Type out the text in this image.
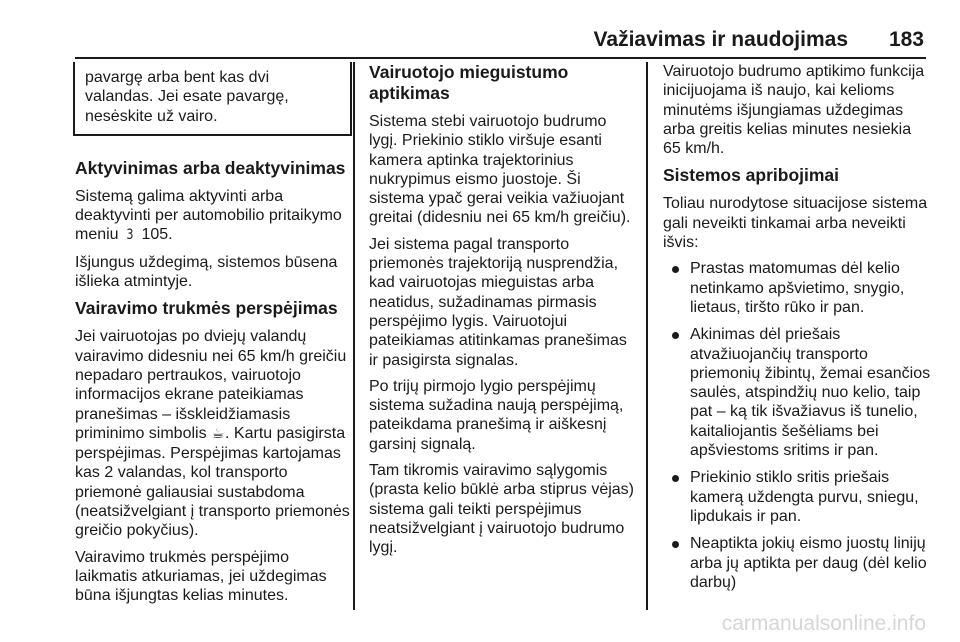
Važiavimas ir naudojimas 183

pavargę arba bent kas dvi valandas. Jei esate pavargę, nesėskite už vairo.

Aktyvinimas arba deaktyvinimas

Sistemą galima aktyvinti arba deaktyvinti per automobilio pritaikymo meniu 3 105.

Išjungus uždegimą, sistemos būsena išlieka atmintyje.

Vairavimo trukmės perspėjimas

Jei vairuotojas po dviejų valandų vairavimo didesniu nei 65 km/h greičiu nepadaro pertraukos, vairuotojo informacijos ekrane pateikiamas pranešimas – išskleidžiamasis priminimo simbolis ☕. Kartu pasigirsta perspėjimas. Perspėjimas kartojamas kas 2 valandas, kol transporto priemonė galiausiai sustabdoma (neatsižvelgiant į transporto priemonės greičio pokyčius).

Vairavimo trukmės perspėjimo laikmatis atkuriamas, jei uždegimas būna išjungtas kelias minutes.

Vairuotojo mieguistumo aptikimas

Sistema stebi vairuotojo budrumo lygį. Priekinio stiklo viršuje esanti kamera aptinka trajektorinius nukrypimus eismo juostoje. Ši sistema ypač gerai veikia važiuojant greitai (didesniu nei 65 km/h greičiu).

Jei sistema pagal transporto priemonės trajektoriją nusprendžia, kad vairuotojas mieguistas arba neatidus, sužadinamas pirmasis perspėjimo lygis. Vairuotojui pateikiamas atitinkamas pranešimas ir pasigirsta signalas.

Po trijų pirmojo lygio perspėjimų sistema sužadina naują perspėjimą, pateikdama pranešimą ir aiškesnį garsinį signalą.

Tam tikromis vairavimo sąlygomis (prasta kelio būklė arba stiprus vėjas) sistema gali teikti perspėjimus neatsižvelgiant į vairuotojo budrumo lygį.

Vairuotojo budrumo aptikimo funkcija inicijuojama iš naujo, kai kelioms minutėms išjungiamas uždegimas arba greitis kelias minutes nesiekia 65 km/h.

Sistemos apribojimai

Toliau nurodytose situacijose sistema gali neveikti tinkamai arba neveikti išvis:

Prastas matomumas dėl kelio netinkamo apšvietimo, snygio, lietaus, tiršto rūko ir pan.
Akinimas dėl priešais atvažiuojančių transporto priemonių žibintų, žemai esančios saulės, atspindžių nuo kelio, taip pat – ką tik išvažiavus iš tunelio, kaitaliojantis šešėliams bei apšviestoms sritims ir pan.
Priekinio stiklo sritis priešais kamerą uždengta purvu, sniegu, lipdukais ir pan.
Neaptikta jokių eismo juostų linijų arba jų aptikta per daug (dėl kelio darbų)
carmanualsonline.info
